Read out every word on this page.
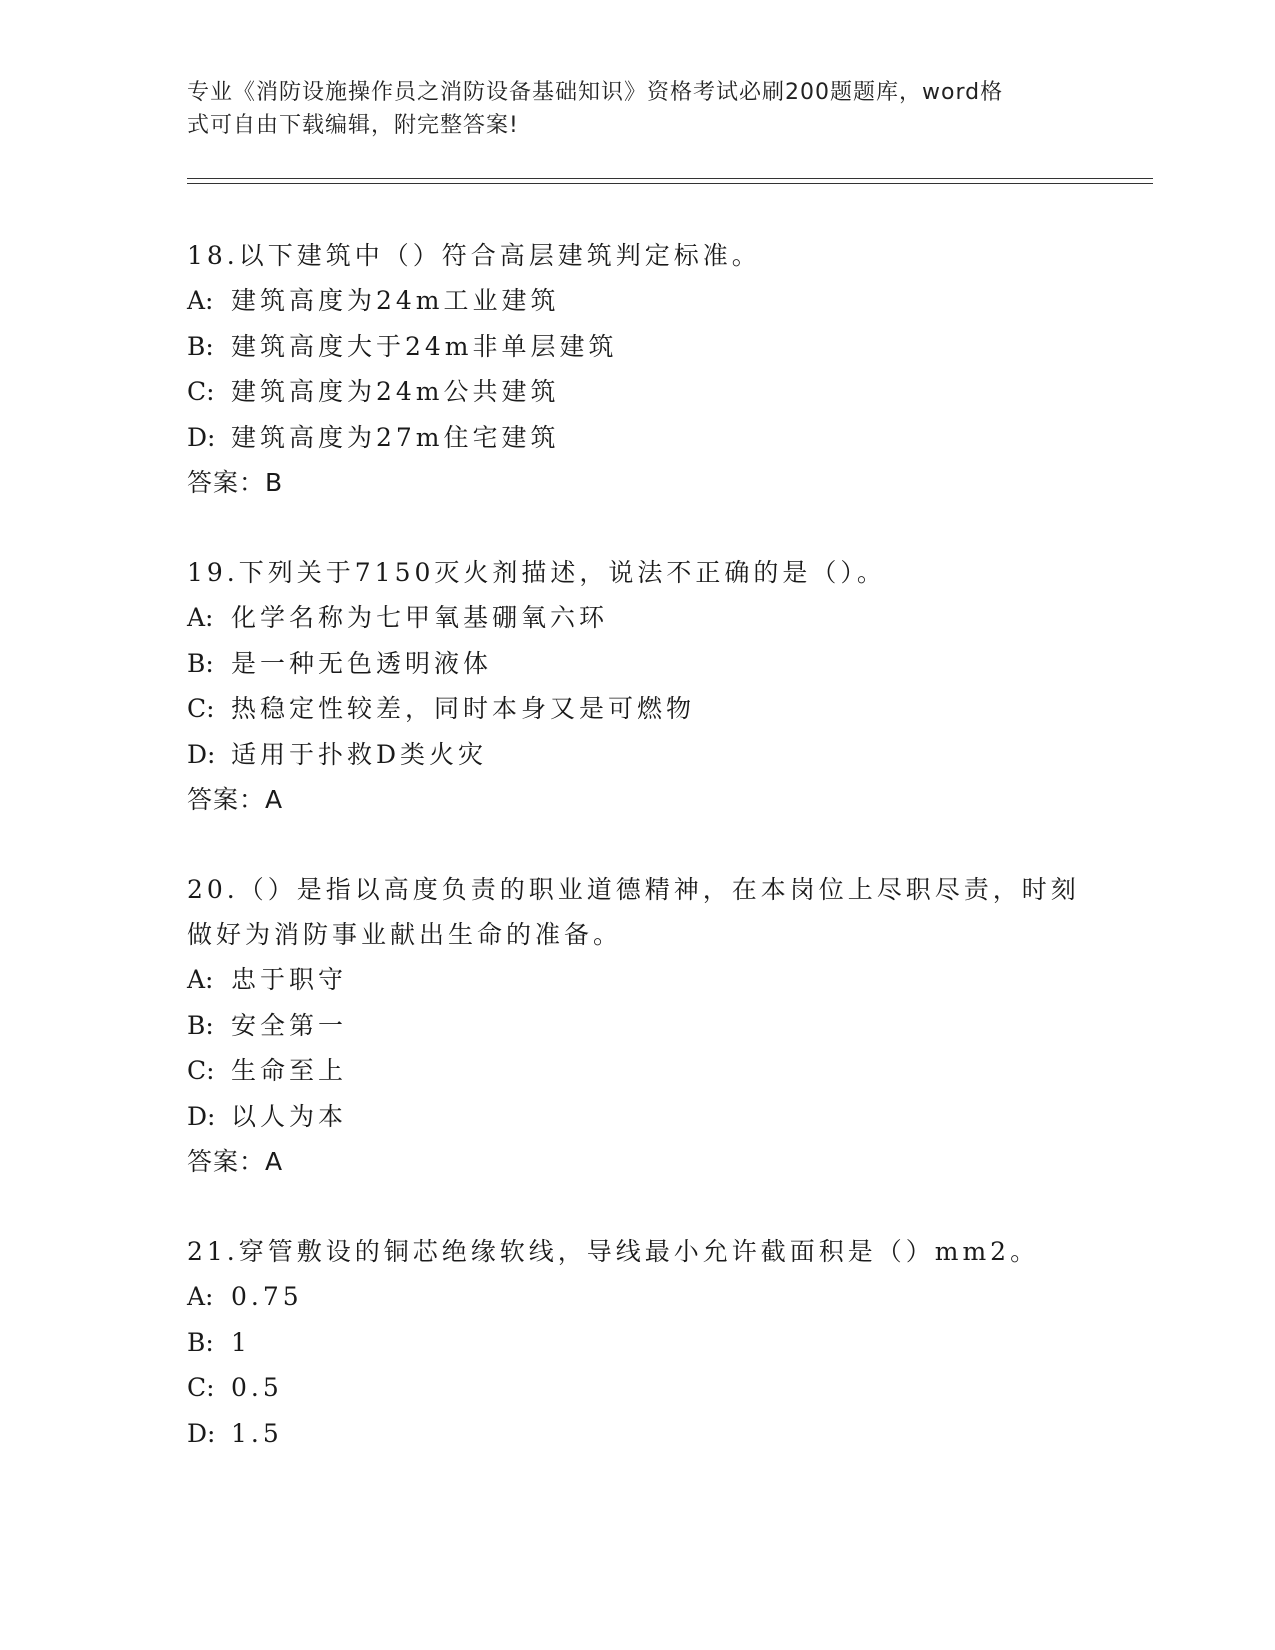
专业《消防设施操作员之消防设备基础知识》资格考试必刷200题题库，word格
式可自由下载编辑，附完整答案!

18.以下建筑中（）符合高层建筑判定标准。

A: 建筑高度为24m工业建筑

B: 建筑高度大于24m非单层建筑

C: 建筑高度为24m公共建筑

D: 建筑高度为27m住宅建筑

答案：B

19.下列关于7150灭火剂描述，说法不正确的是（）。

A: 化学名称为七甲氧基硼氧六环

B: 是一种无色透明液体

C: 热稳定性较差，同时本身又是可燃物

D: 适用于扑救D类火灾

答案：A

20.（）是指以高度负责的职业道德精神，在本岗位上尽职尽责，时刻做好为消防事业献出生命的准备。

A: 忠于职守

B: 安全第一

C: 生命至上

D: 以人为本

答案：A

21.穿管敷设的铜芯绝缘软线，导线最小允许截面积是（）mm2。

A: 0.75

B: 1

C: 0.5

D: 1.5
